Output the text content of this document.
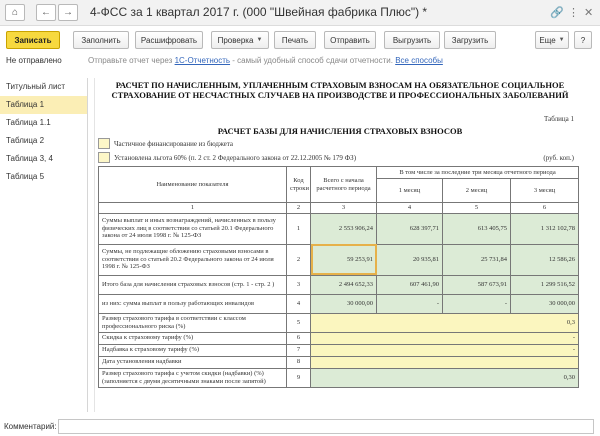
⌂	←	→	4-ФСС за 1 квартал 2017 г. (000 "Швейная фабрика Плюс") *	🔗 ⋮ ✕
Записать	Заполнить	Расшифровать	Проверка ▼	Печать	Отправить	Выгрузить	Загрузить	Еще ▼	?
Не отправлено	Отправьте отчет через 1С-Отчетность - самый удобный способ сдачи отчетности. Все способы
Титульный лист
Таблица 1
Таблица 1.1
Таблица 2
Таблица 3, 4
Таблица 5
РАСЧЕТ ПО НАЧИСЛЕННЫМ, УПЛАЧЕННЫМ СТРАХОВЫМ ВЗНОСАМ НА ОБЯЗАТЕЛЬНОЕ СОЦИАЛЬНОЕ СТРАХОВАНИЕ ОТ НЕСЧАСТНЫХ СЛУЧАЕВ НА ПРОИЗВОДСТВЕ И ПРОФЕССИОНАЛЬНЫХ ЗАБОЛЕВАНИЙ
Таблица 1
РАСЧЕТ БАЗЫ ДЛЯ НАЧИСЛЕНИЯ СТРАХОВЫХ ВЗНОСОВ
Частичное финансирование из бюджета
Установлена льгота 60% (п. 2 ст. 2 Федерального закона от 22.12.2005 № 179 ФЗ)	(руб. коп.)
Наименование показателя	Код строки	Всего с начала расчетного периода	В том числе за последние три месяца отчетного периода		
			1 месяц	2 месяц	3 месяц
1	2	3	4	5	6
Суммы выплат и иных вознаграждений, начисленных в пользу физических лиц в соответствии со статьей 20.1 Федерального закона от 24 июля 1998 г. № 125-ФЗ	1	2 553 906,24	628 397,71	613 405,75	1 312 102,78
Суммы, не подлежащие обложению страховыми взносами в соответствии со статьей 20.2 Федерального закона от 24 июля 1998 г. № 125-ФЗ	2	59 253,91	20 935,81	25 731,84	12 586,26
Итого база для начисления страховых взносов (стр. 1 - стр. 2 )	3	2 494 652,33	607 461,90	587 673,91	1 299 516,52
из них: сумма выплат в пользу работающих инвалидов	4	30 000,00	-	-	30 000,00
Размер страхового тарифа в соответствии с классом профессионального риска (%)	5	0,3			
Скидка к страховому тарифу (%)	6	-			
Надбавка к страховому тарифу (%)	7	-			
Дата установления надбавки	8				
Размер страхового тарифа с учетом скидки (надбавки) (%) (заполняется с двумя десятичными знаками после запятой)	9	0,30			
Комментарий:
